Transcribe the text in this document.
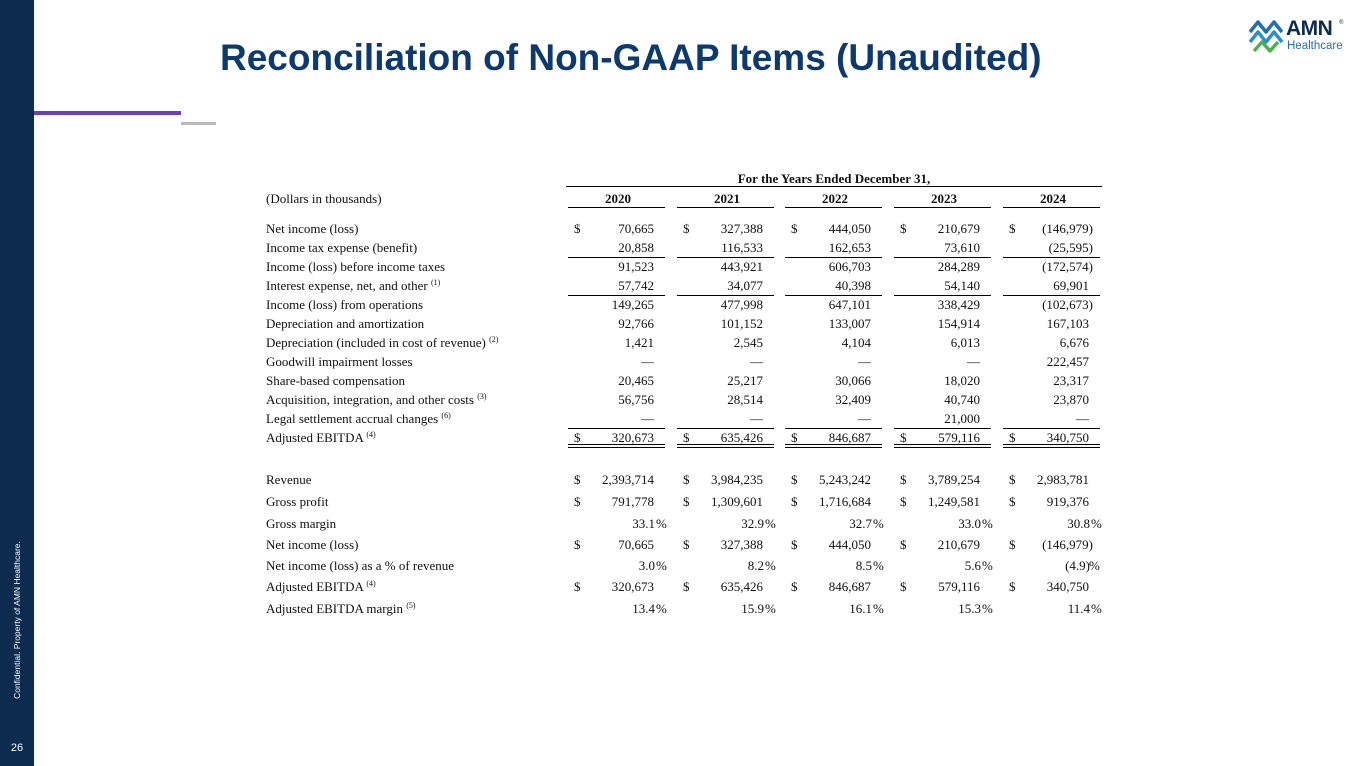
Confidential. Property of AMN Healthcare.
26
Reconciliation of Non-GAAP Items (Unaudited)
AMN ®
Healthcare
For the Years Ended December 31,
(Dollars in thousands)	2020	2021	2022	2023	2024
Net income (loss)	$	70,665 $	327,388 $	444,050 $	210,679 $	(146,979)
Income tax expense (benefit)	20,858	116,533	162,653	73,610	(25,595)
Income (loss) before income taxes	91,523	443,921	606,703	284,289	(172,574)
Interest expense, net, and other $^{(1)}$	57,742	34,077	40,398	54,140	69,901
Income (loss) from operations	149,265	477,998	647,101	338,429	(102,673)
Depreciation and amortization	92,766	101,152	133,007	154,914	167,103
Depreciation (included in cost of revenue) $^{(2)}$	1,421	2,545	4,104	6,013	6,676
Goodwill impairment losses	—	—	—	—	222,457
Share-based compensation	20,465	25,217	30,066	18,020	23,317
Acquisition, integration, and other costs $^{(3)}$	56,756	28,514	32,409	40,740	23,870
Legal settlement accrual changes $^{(6)}$	—	—	—	21,000	—
Adjusted EBITDA $^{(4)}$	$	320,673 $	635,426 $	846,687 $	579,116 $	340,750
Revenue	$	2,393,714 $	3,984,235 $	5,243,242 $	3,789,254 $	2,983,781
Gross profit	$	791,778 $	1,309,601 $	1,716,684 $	1,249,581 $	919,376
Gross margin	33.1 %	32.9 %	32.7 %	33.0 %	30.8 %
Net income (loss)	$	70,665 $	327,388 $	444,050 $	210,679 $	(146,979)
Net income (loss) as a % of revenue	3.0 %	8.2 %	8.5 %	5.6 %	(4.9) %
Adjusted EBITDA $^{(4)}$	$	320,673 $	635,426 $	846,687 $	579,116 $	340,750
Adjusted EBITDA margin $^{(5)}$	13.4 %	15.9 %	16.1 %	15.3 %	11.4 %
